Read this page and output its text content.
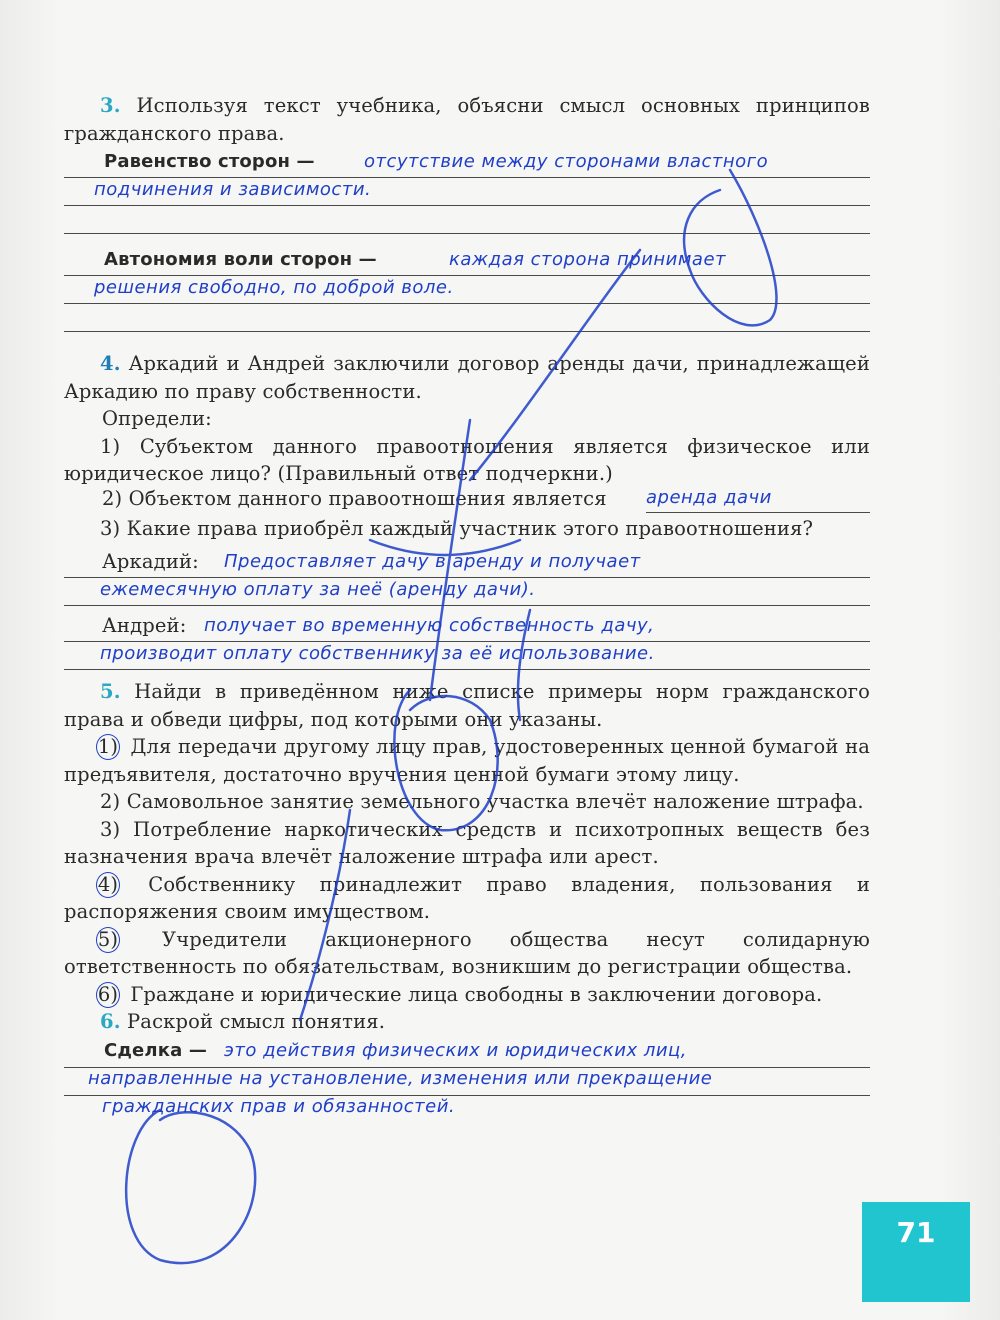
3. Используя текст учебника, объясни смысл основных принципов гражданского права.

Равенство сторон —	отсутствие между сторонами властного
подчинения и зависимости.
Автономия воли сторон —	каждая сторона принимает
решения свободно, по доброй воле.

4. Аркадий и Андрей заключили договор аренды дачи, принадлежащей Аркадию по праву собственности.

Определи:

1) Субъектом данного правоотношения является физическое или юридическое лицо? (Правильный ответ подчеркни.)

2) Объектом данного правоотношения является аренда дачи

3) Какие права приобрёл каждый участник этого правоотношения?

Аркадий: Предоставляет дачу в аренду и получает
ежемесячную оплату за неё (аренду дачи).
Андрей: получает во временную собственность дачу,
производит оплату собственнику за её использование.

5. Найди в приведённом ниже списке примеры норм гражданского права и обведи цифры, под которыми они указаны.

1) Для передачи другому лицу прав, удостоверенных ценной бумагой на предъявителя, достаточно вручения ценной бумаги этому лицу.

2) Самовольное занятие земельного участка влечёт наложение штрафа.

3) Потребление наркотических средств и психотропных веществ без назначения врача влечёт наложение штрафа или арест.

4) Собственнику принадлежит право владения, пользования и распоряжения своим имуществом.

5) Учредители акционерного общества несут солидарную ответственность по обязательствам, возникшим до регистрации общества.

6) Граждане и юридические лица свободны в заключении договора.

6. Раскрой смысл понятия.

Сделка — это действия физических и юридических лиц,
направленные на установление, изменения или прекращение
гражданских прав и обязанностей.
71
